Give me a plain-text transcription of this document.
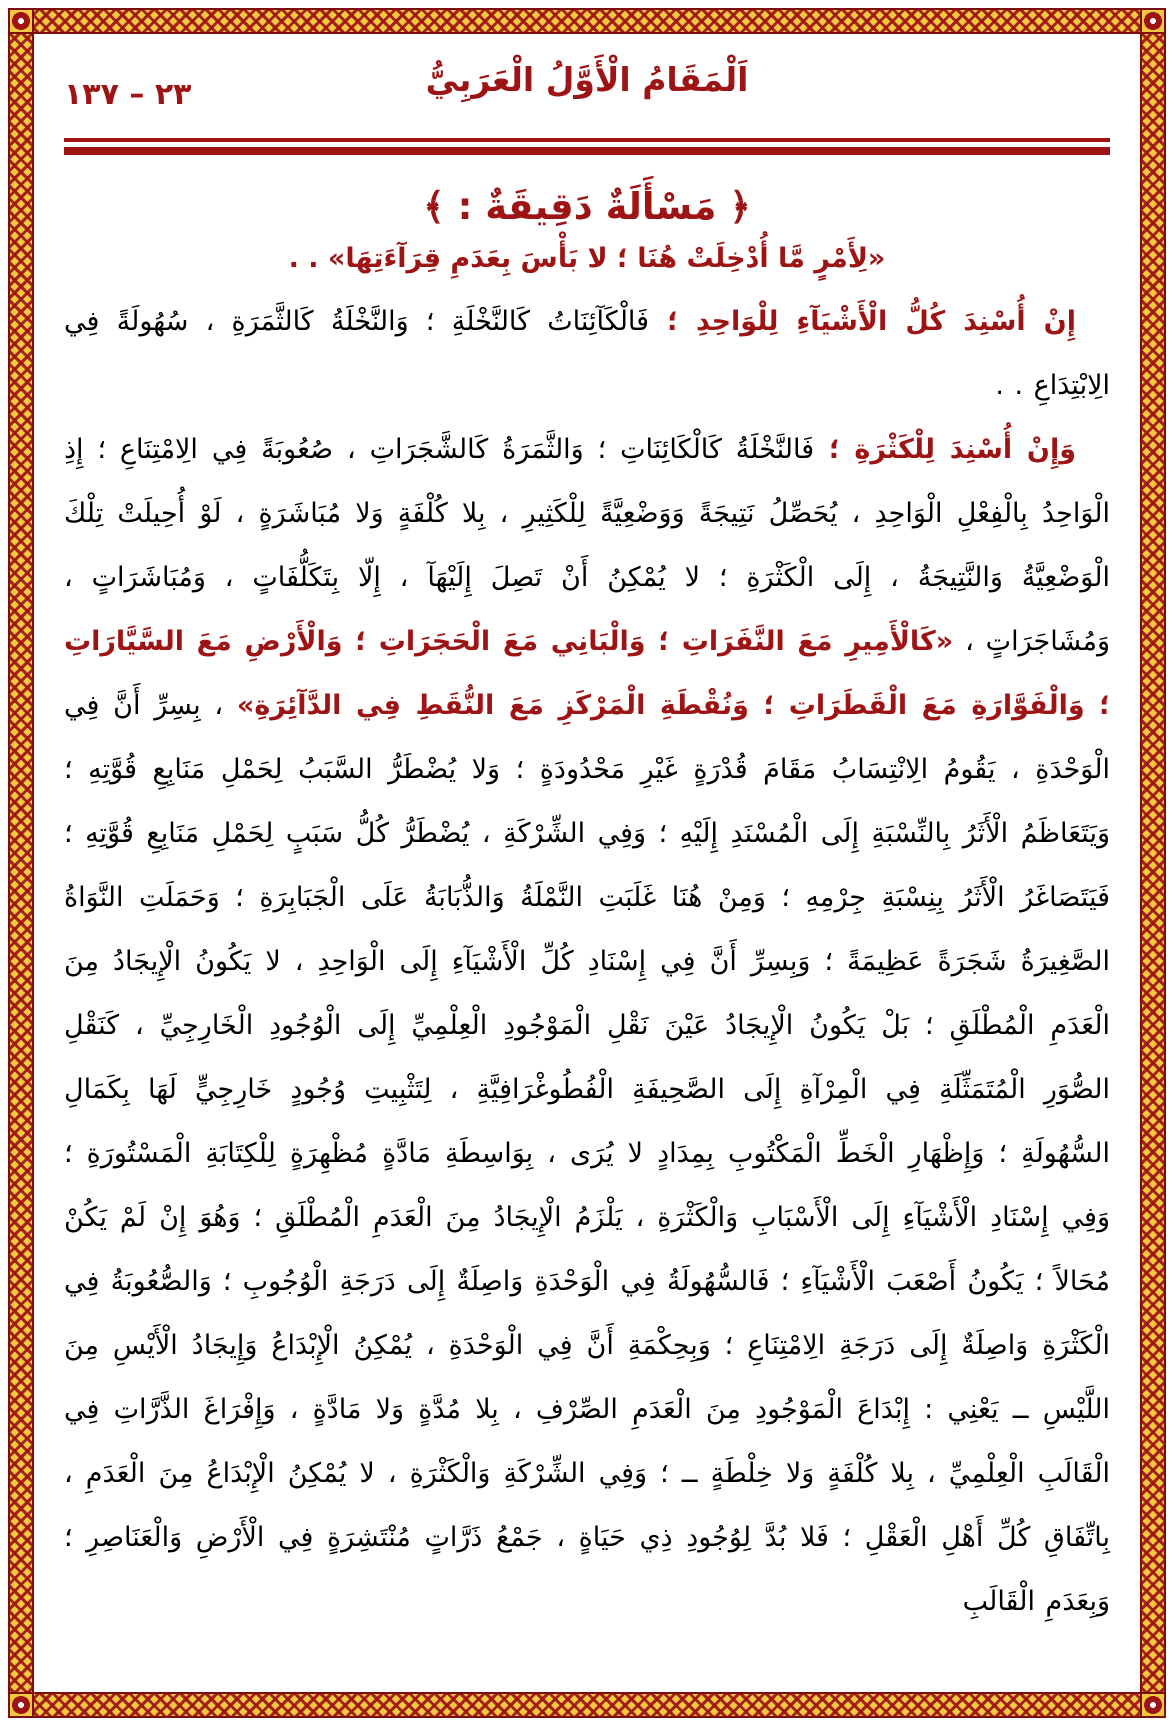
٢٣ – ١٣٧	اَلْمَقَامُ الْأَوَّلُ الْعَرَبِيُّ
﴿ مَسْأَلَةٌ دَقِيقَةٌ : ﴾
«لِأَمْرٍ مَّا أُدْخِلَتْ هُنَا ؛ لا بَأْسَ بِعَدَمِ قِرَآءَتِهَا» . .

إِنْ أُسْنِدَ كُلُّ الْأَشْيَآءِ لِلْوَاحِدِ ؛ فَالْكَآئِنَاتُ كَالنَّخْلَةِ ؛ وَالنَّخْلَةُ كَالثَّمَرَةِ ، سُهُولَةً فِي الِابْتِدَاعِ . .

وَإِنْ أُسْنِدَ لِلْكَثْرَةِ ؛ فَالنَّخْلَةُ كَالْكَائِنَاتِ ؛ وَالثَّمَرَةُ كَالشَّجَرَاتِ ، صُعُوبَةً فِي الِامْتِنَاعِ ؛ إِذِ الْوَاحِدُ بِالْفِعْلِ الْوَاحِدِ ، يُحَصِّلُ نَتِيجَةً وَوَضْعِيَّةً لِلْكَثِيرِ ، بِلا كُلْفَةٍ وَلا مُبَاشَرَةٍ ، لَوْ أُحِيلَتْ تِلْكَ الْوَضْعِيَّةُ وَالنَّتِيجَةُ ، إِلَى الْكَثْرَةِ ؛ لا يُمْكِنُ أَنْ تَصِلَ إِلَيْهَآ ، إِلّا بِتَكَلُّفَاتٍ ، وَمُبَاشَرَاتٍ ، وَمُشَاجَرَاتٍ ، «كَالْأَمِيرِ مَعَ النَّفَرَاتِ ؛ وَالْبَانِي مَعَ الْحَجَرَاتِ ؛ وَالْأَرْضِ مَعَ السَّيَّارَاتِ ؛ وَالْفَوَّارَةِ مَعَ الْقَطَرَاتِ ؛ وَنُقْطَةِ الْمَرْكَزِ مَعَ النُّقَطِ فِي الدَّآئِرَةِ» ، بِسِرِّ أَنَّ فِي الْوَحْدَةِ ، يَقُومُ الِانْتِسَابُ مَقَامَ قُدْرَةٍ غَيْرِ مَحْدُودَةٍ ؛ وَلا يُضْطَرُّ السَّبَبُ لِحَمْلِ مَنَابِعِ قُوَّتِهِ ؛ وَيَتَعَاظَمُ الْأَثَرُ بِالنِّسْبَةِ إِلَى الْمُسْنَدِ إِلَيْهِ ؛ وَفِي الشِّرْكَةِ ، يُضْطَرُّ كُلُّ سَبَبٍ لِحَمْلِ مَنَابِعِ قُوَّتِهِ ؛ فَيَتَصَاغَرُ الْأَثَرُ بِنِسْبَةِ جِرْمِهِ ؛ وَمِنْ هُنَا غَلَبَتِ النَّمْلَةُ وَالذُّبَابَةُ عَلَى الْجَبَابِرَةِ ؛ وَحَمَلَتِ النَّوَاةُ الصَّغِيرَةُ شَجَرَةً عَظِيمَةً ؛ وَبِسِرِّ أَنَّ فِي إِسْنَادِ كُلِّ الْأَشْيَآءِ إِلَى الْوَاحِدِ ، لا يَكُونُ الْإِيجَادُ مِنَ الْعَدَمِ الْمُطْلَقِ ؛ بَلْ يَكُونُ الْإِيجَادُ عَيْنَ نَقْلِ الْمَوْجُودِ الْعِلْمِيِّ إِلَى الْوُجُودِ الْخَارِجِيِّ ، كَنَقْلِ الصُّوَرِ الْمُتَمَثِّلَةِ فِي الْمِرْآةِ إِلَى الصَّحِيفَةِ الْفُطُوغْرَافِيَّةِ ، لِتَثْبِيتِ وُجُودٍ خَارِجِيٍّ لَهَا بِكَمَالِ السُّهُولَةِ ؛ وَإِظْهَارِ الْخَطِّ الْمَكْتُوبِ بِمِدَادٍ لا يُرَى ، بِوَاسِطَةِ مَادَّةٍ مُظْهِرَةٍ لِلْكِتَابَةِ الْمَسْتُورَةِ ؛ وَفِي إِسْنَادِ الْأَشْيَآءِ إِلَى الْأَسْبَابِ وَالْكَثْرَةِ ، يَلْزَمُ الْإِيجَادُ مِنَ الْعَدَمِ الْمُطْلَقِ ؛ وَهُوَ إِنْ لَمْ يَكُنْ مُحَالاً ؛ يَكُونُ أَصْعَبَ الْأَشْيَآءِ ؛ فَالسُّهُولَةُ فِي الْوَحْدَةِ وَاصِلَةٌ إِلَى دَرَجَةِ الْوُجُوبِ ؛ وَالصُّعُوبَةُ فِي الْكَثْرَةِ وَاصِلَةٌ إِلَى دَرَجَةِ الِامْتِنَاعِ ؛ وَبِحِكْمَةِ أَنَّ فِي الْوَحْدَةِ ، يُمْكِنُ الْإِبْدَاعُ وَإِيجَادُ الْأَيْسِ مِنَ اللَّيْسِ ــ يَعْنِي : إِبْدَاعَ الْمَوْجُودِ مِنَ الْعَدَمِ الصِّرْفِ ، بِلا مُدَّةٍ وَلا مَادَّةٍ ، وَإِفْرَاغَ الذَّرَّاتِ فِي الْقَالَبِ الْعِلْمِيِّ ، بِلا كُلْفَةٍ وَلا خِلْطَةٍ ــ ؛ وَفِي الشِّرْكَةِ وَالْكَثْرَةِ ، لا يُمْكِنُ الْإِبْدَاعُ مِنَ الْعَدَمِ ، بِاتِّفَاقِ كُلِّ أَهْلِ الْعَقْلِ ؛ فَلا بُدَّ لِوُجُودِ ذِي حَيَاةٍ ، جَمْعُ ذَرَّاتٍ مُنْتَشِرَةٍ فِي الْأَرْضِ وَالْعَنَاصِرِ ؛ وَبِعَدَمِ الْقَالَبِ
